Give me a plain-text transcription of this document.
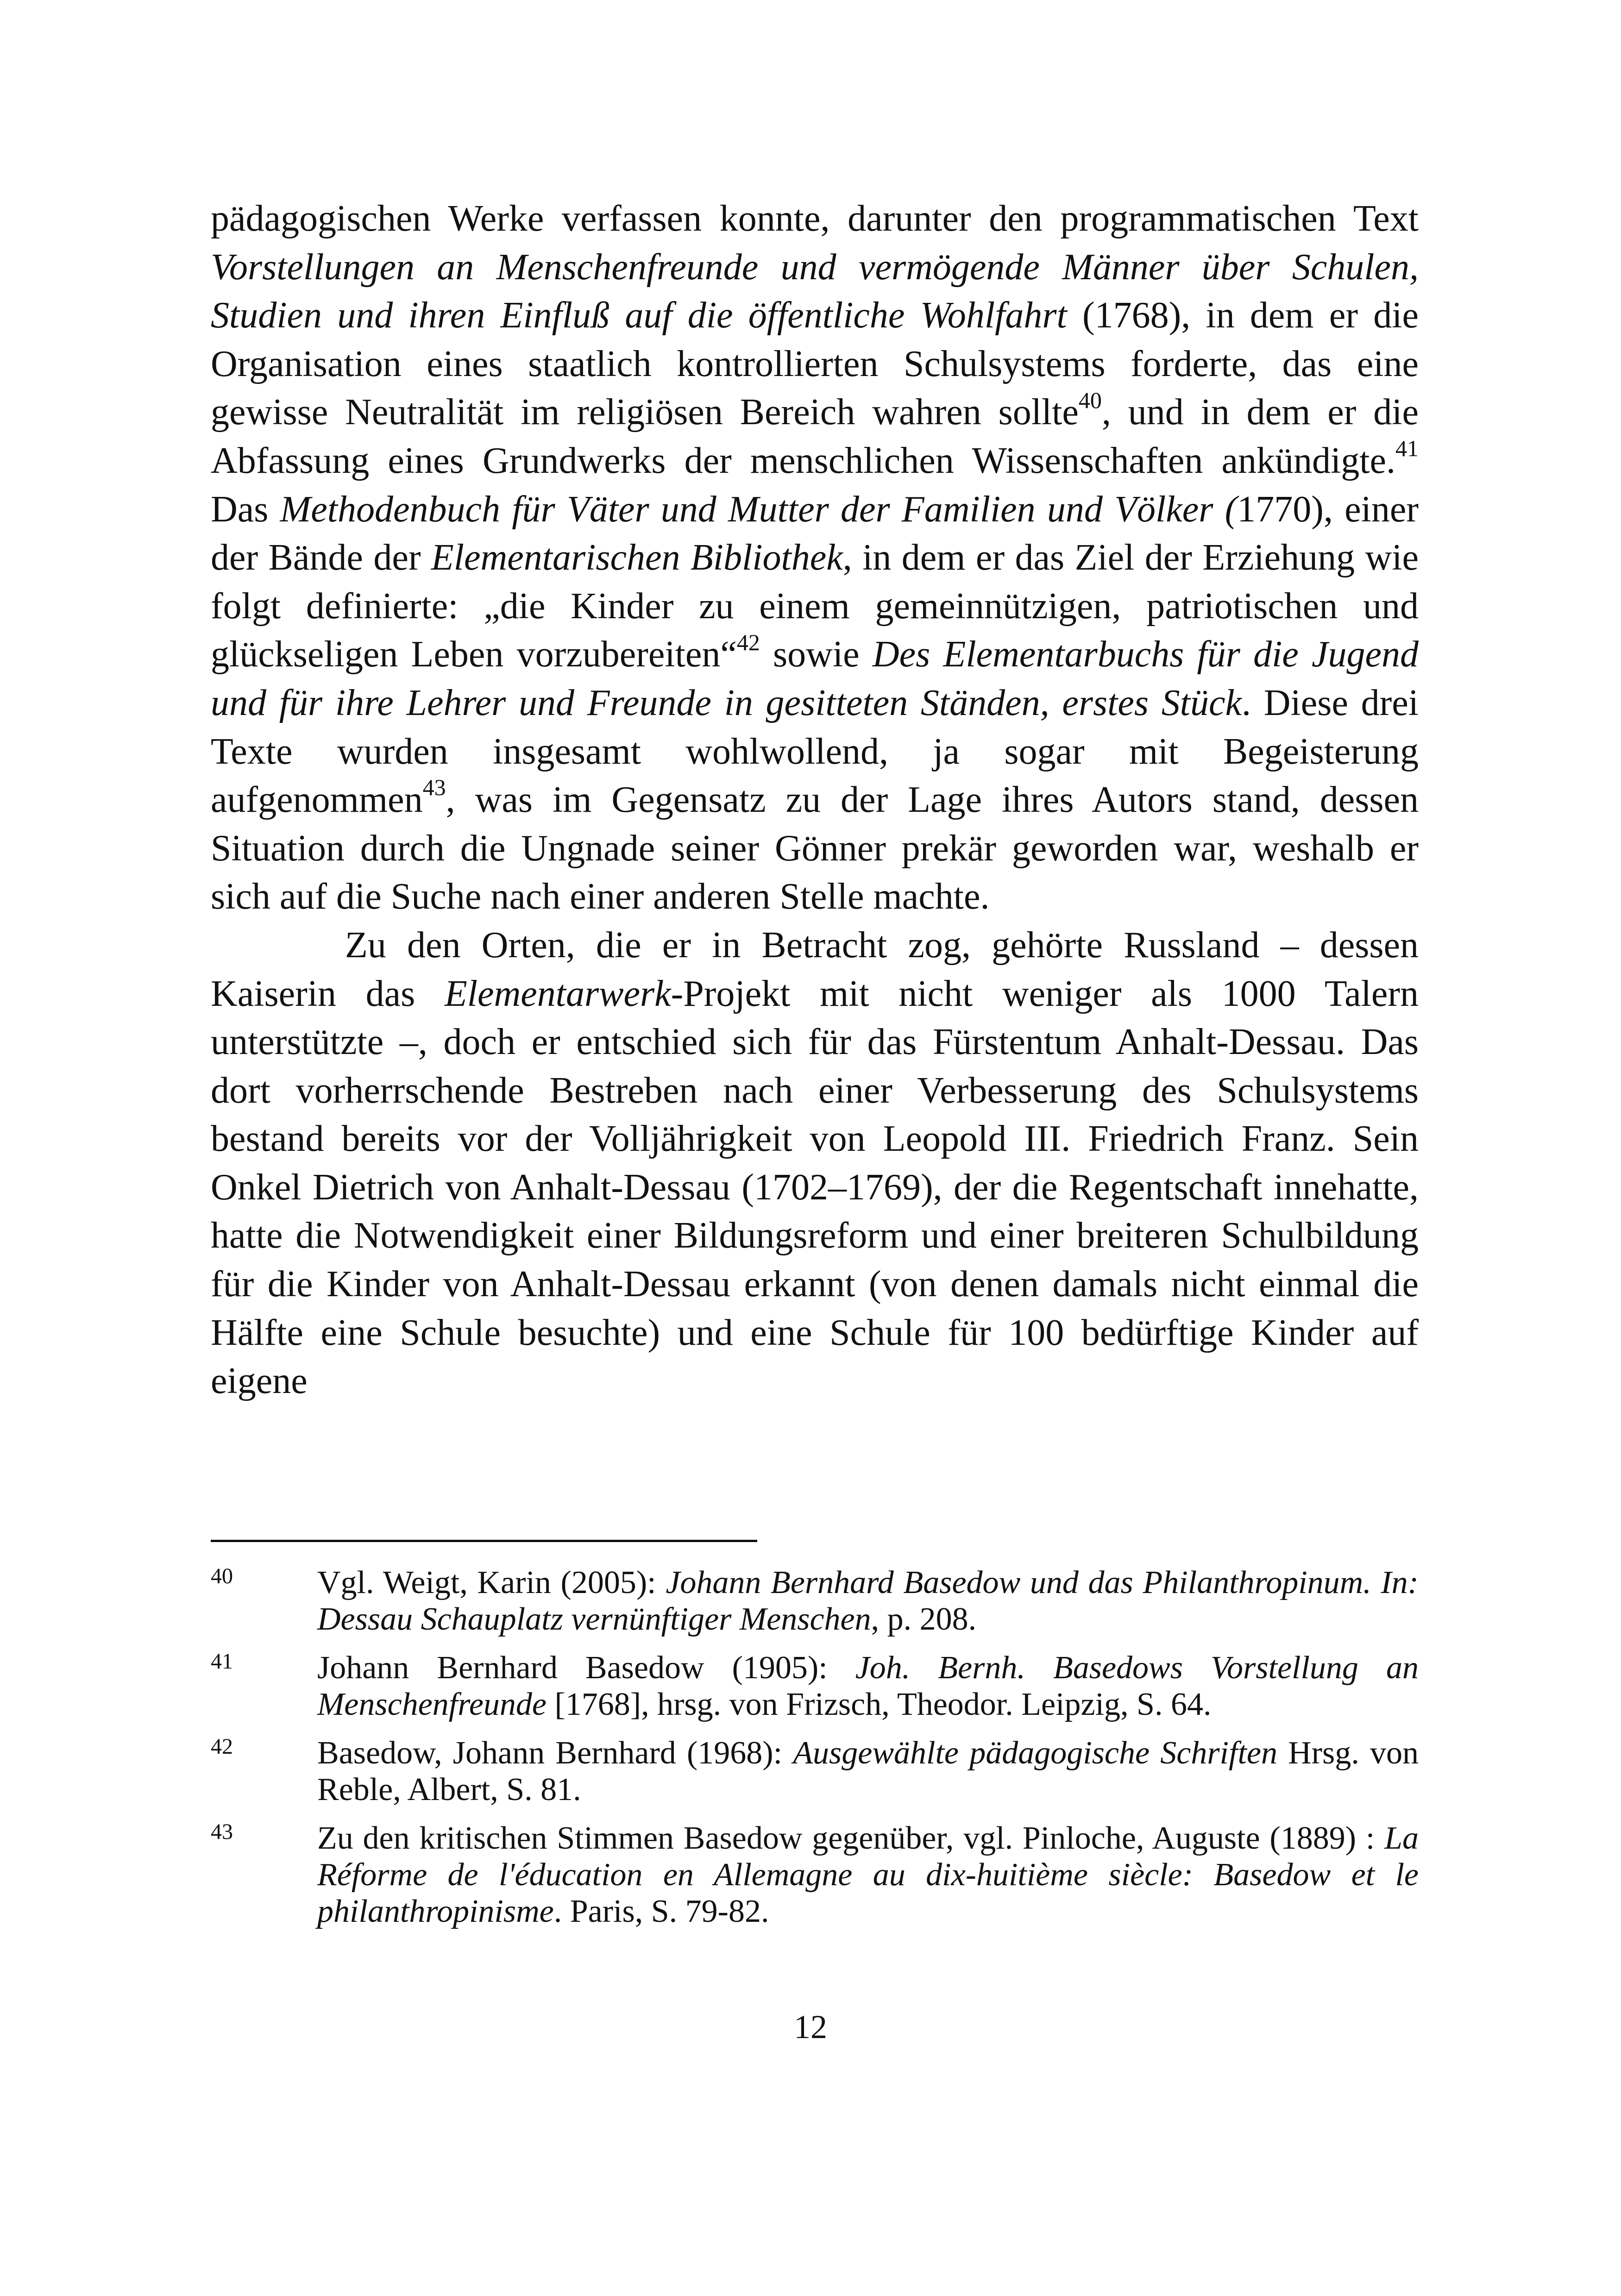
pädagogischen Werke verfassen konnte, darunter den programmatischen Text Vorstellungen an Menschenfreunde und vermögende Männer über Schulen, Studien und ihren Einfluß auf die öffentliche Wohlfahrt (1768), in dem er die Organisation eines staatlich kontrollierten Schulsystems forderte, das eine gewisse Neutralität im religiösen Bereich wahren sollte$^{40}$, und in dem er die Abfassung eines Grundwerks der menschlichen Wissenschaften ankündigte.$^{41}$ Das Methodenbuch für Väter und Mutter der Familien und Völker (1770), einer der Bände der Elementarischen Bibliothek, in dem er das Ziel der Erziehung wie folgt definierte: „die Kinder zu einem gemeinnützigen, patriotischen und glückseligen Leben vorzubereiten“$^{42}$ sowie Des Elementarbuchs für die Jugend und für ihre Lehrer und Freunde in gesitteten Ständen, erstes Stück. Diese drei Texte wurden insgesamt wohlwollend, ja sogar mit Begeisterung aufgenommen$^{43}$, was im Gegensatz zu der Lage ihres Autors stand, dessen Situation durch die Ungnade seiner Gönner prekär geworden war, weshalb er sich auf die Suche nach einer anderen Stelle machte.

Zu den Orten, die er in Betracht zog, gehörte Russland – dessen Kaiserin das Elementarwerk-Projekt mit nicht weniger als 1000 Talern unterstützte –, doch er entschied sich für das Fürstentum Anhalt-Dessau. Das dort vorherrschende Bestreben nach einer Verbesserung des Schulsystems bestand bereits vor der Volljährigkeit von Leopold III. Friedrich Franz. Sein Onkel Dietrich von Anhalt-Dessau (1702–1769), der die Regentschaft innehatte, hatte die Notwendigkeit einer Bildungsreform und einer breiteren Schulbildung für die Kinder von Anhalt-Dessau erkannt (von denen damals nicht einmal die Hälfte eine Schule besuchte) und eine Schule für 100 bedürftige Kinder auf eigene

40	Vgl. Weigt, Karin (2005): Johann Bernhard Basedow und das Philanthropinum. In: Dessau Schauplatz vernünftiger Menschen, p. 208.
41	Johann Bernhard Basedow (1905): Joh. Bernh. Basedows Vorstellung an Menschenfreunde [1768], hrsg. von Frizsch, Theodor. Leipzig, S. 64.
42	Basedow, Johann Bernhard (1968): Ausgewählte pädagogische Schriften Hrsg. von Reble, Albert, S. 81.
43	Zu den kritischen Stimmen Basedow gegenüber, vgl. Pinloche, Auguste (1889) : La Réforme de l'éducation en Allemagne au dix-huitième siècle: Basedow et le philanthropinisme. Paris, S. 79-82.
12
